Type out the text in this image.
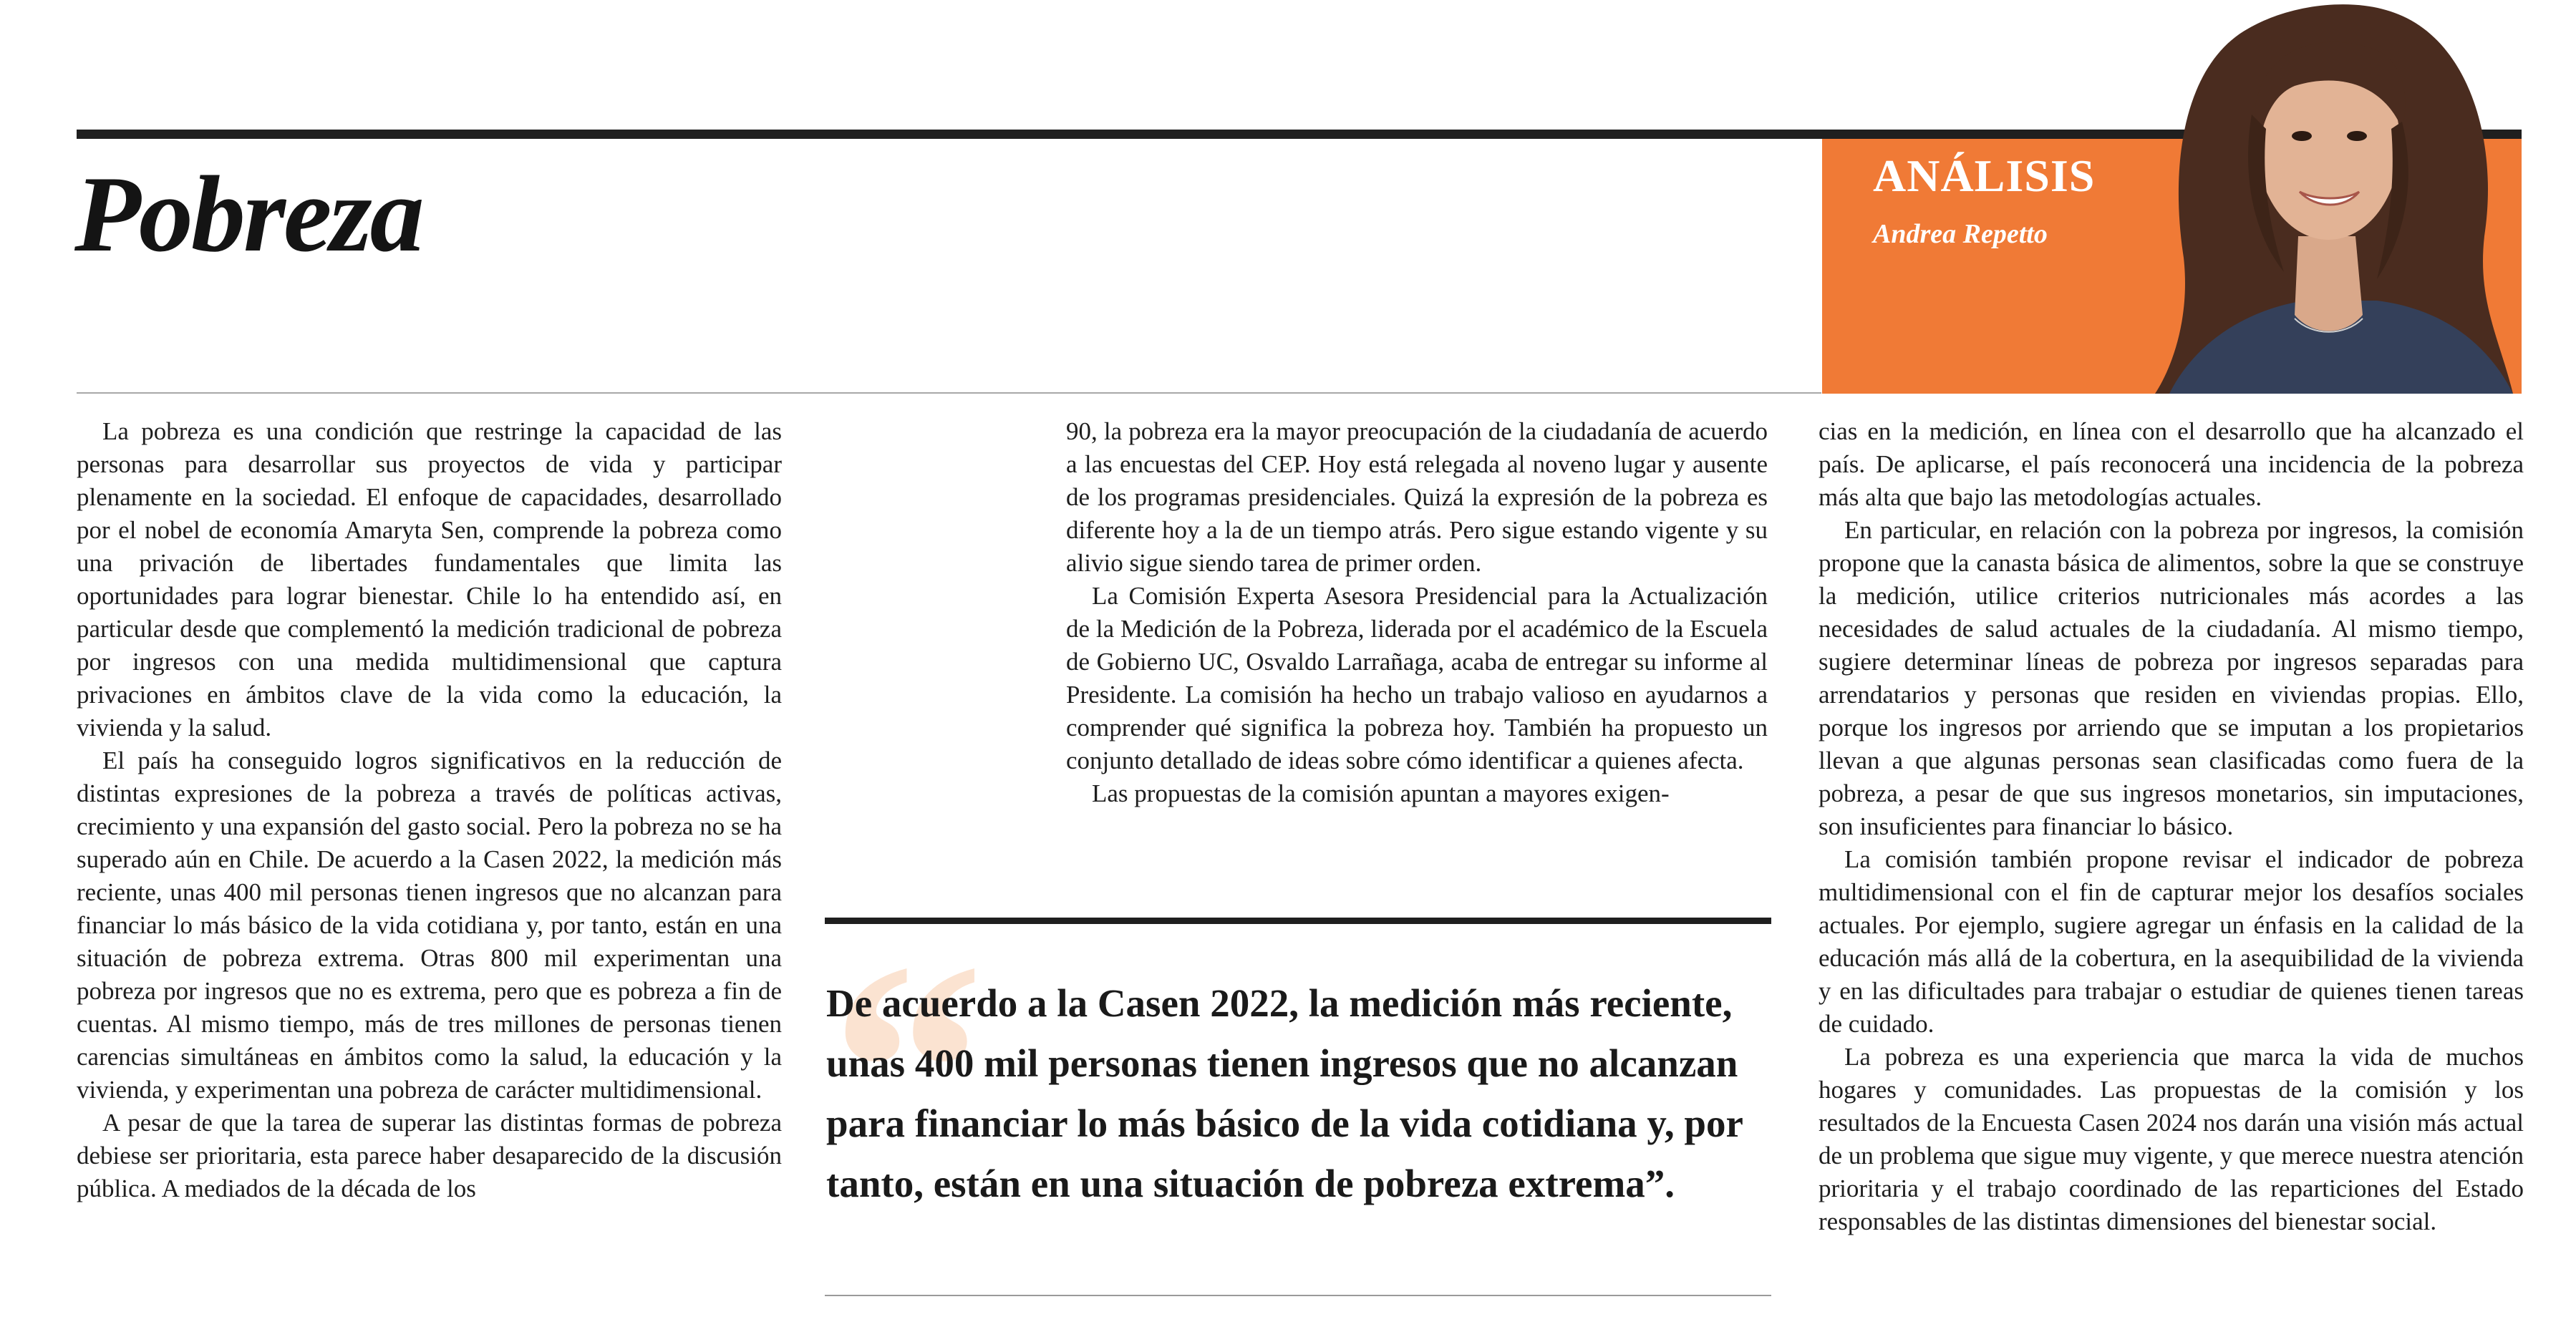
Pobreza	ANÁLISIS
Andrea Repetto

La pobreza es una condición que restringe la capacidad de las personas para desarrollar sus proyectos de vida y participar plenamente en la sociedad. El enfoque de capacidades, desarrollado por el nobel de economía Amaryta Sen, comprende la pobreza como una privación de libertades fundamentales que limita las oportunidades para lograr bienestar. Chile lo ha entendido así, en particular desde que complementó la medición tradicional de pobreza por ingresos con una medida multidimensional que captura privaciones en ámbitos clave de la vida como la educación, la vivienda y la salud.

El país ha conseguido logros significativos en la reducción de distintas expresiones de la pobreza a través de políticas activas, crecimiento y una expansión del gasto social. Pero la pobreza no se ha superado aún en Chile. De acuerdo a la Casen 2022, la medición más reciente, unas 400 mil personas tienen ingresos que no alcanzan para financiar lo más básico de la vida cotidiana y, por tanto, están en una situación de pobreza extrema. Otras 800 mil experimentan una pobreza por ingresos que no es extrema, pero que es pobreza a fin de cuentas. Al mismo tiempo, más de tres millones de personas tienen carencias simultáneas en ámbitos como la salud, la educación y la vivienda, y experimentan una pobreza de carácter multidimensional.

A pesar de que la tarea de superar las distintas formas de pobreza debiese ser prioritaria, esta parece haber desaparecido de la discusión pública. A mediados de la década de los

90, la pobreza era la mayor preocupación de la ciudadanía de acuerdo a las encuestas del CEP. Hoy está relegada al noveno lugar y ausente de los programas presidenciales. Quizá la expresión de la pobreza es diferente hoy a la de un tiempo atrás. Pero sigue estando vigente y su alivio sigue siendo tarea de primer orden.

La Comisión Experta Asesora Presidencial para la Actualización de la Medición de la Pobreza, liderada por el académico de la Escuela de Gobierno UC, Osvaldo Larrañaga, acaba de entregar su informe al Presidente. La comisión ha hecho un trabajo valioso en ayudarnos a comprender qué significa la pobreza hoy. También ha propuesto un conjunto detallado de ideas sobre cómo identificar a quienes afecta.

Las propuestas de la comisión apuntan a mayores exigen-

cias en la medición, en línea con el desarrollo que ha alcanzado el país. De aplicarse, el país reconocerá una incidencia de la pobreza más alta que bajo las metodologías actuales.

En particular, en relación con la pobreza por ingresos, la comisión propone que la canasta básica de alimentos, sobre la que se construye la medición, utilice criterios nutricionales más acordes a las necesidades de salud actuales de la ciudadanía. Al mismo tiempo, sugiere determinar líneas de pobreza por ingresos separadas para arrendatarios y personas que residen en viviendas propias. Ello, porque los ingresos por arriendo que se imputan a los propietarios llevan a que algunas personas sean clasificadas como fuera de la pobreza, a pesar de que sus ingresos monetarios, sin imputaciones, son insuficientes para financiar lo básico.

La comisión también propone revisar el indicador de pobreza multidimensional con el fin de capturar mejor los desafíos sociales actuales. Por ejemplo, sugiere agregar un énfasis en la calidad de la educación más allá de la cobertura, en la asequibilidad de la vivienda y en las dificultades para trabajar o estudiar de quienes tienen tareas de cuidado.

La pobreza es una experiencia que marca la vida de muchos hogares y comunidades. Las propuestas de la comisión y los resultados de la Encuesta Casen 2024 nos darán una visión más actual de un problema que sigue muy vigente, y que merece nuestra atención prioritaria y el trabajo coordinado de las reparticiones del Estado responsables de las distintas dimensiones del bienestar social.

“

De acuerdo a la Casen 2022, la medición más reciente, unas 400 mil personas tienen ingresos que no alcanzan para financiar lo más básico de la vida cotidiana y, por tanto, están en una situación de pobreza extrema”.
